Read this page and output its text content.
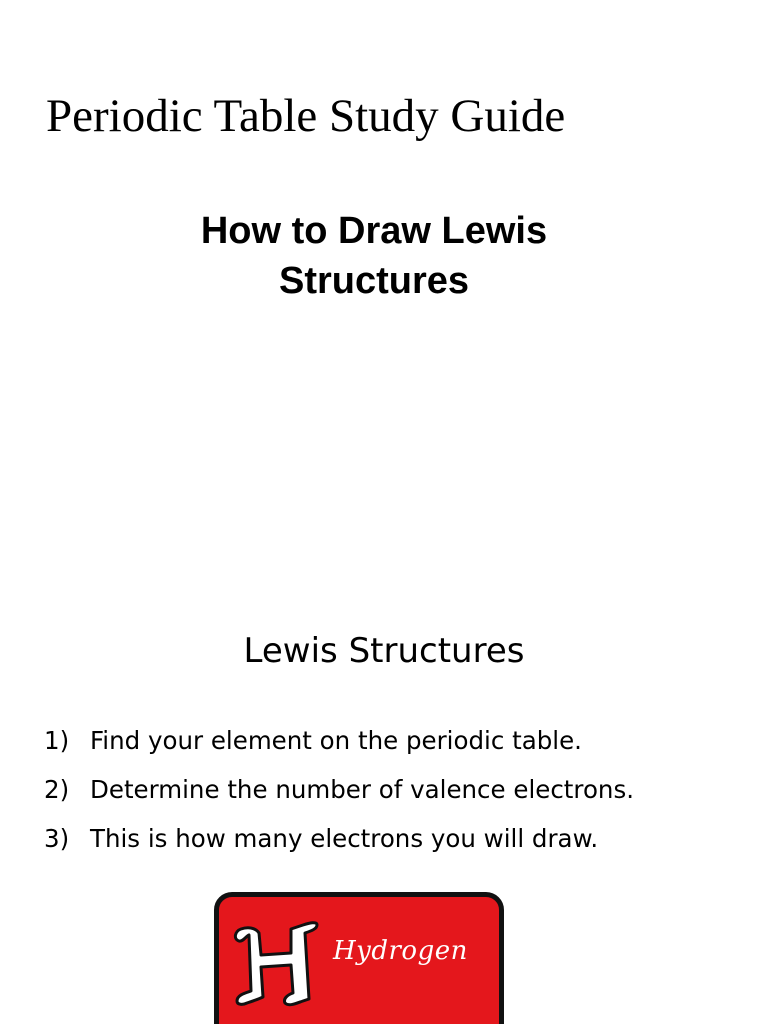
Periodic Table Study Guide
How to Draw Lewis
Structures
Lewis Structures
1) Find your element on the periodic table.
2) Determine the number of valence electrons.
3) This is how many electrons you will draw.

Hydrogen
